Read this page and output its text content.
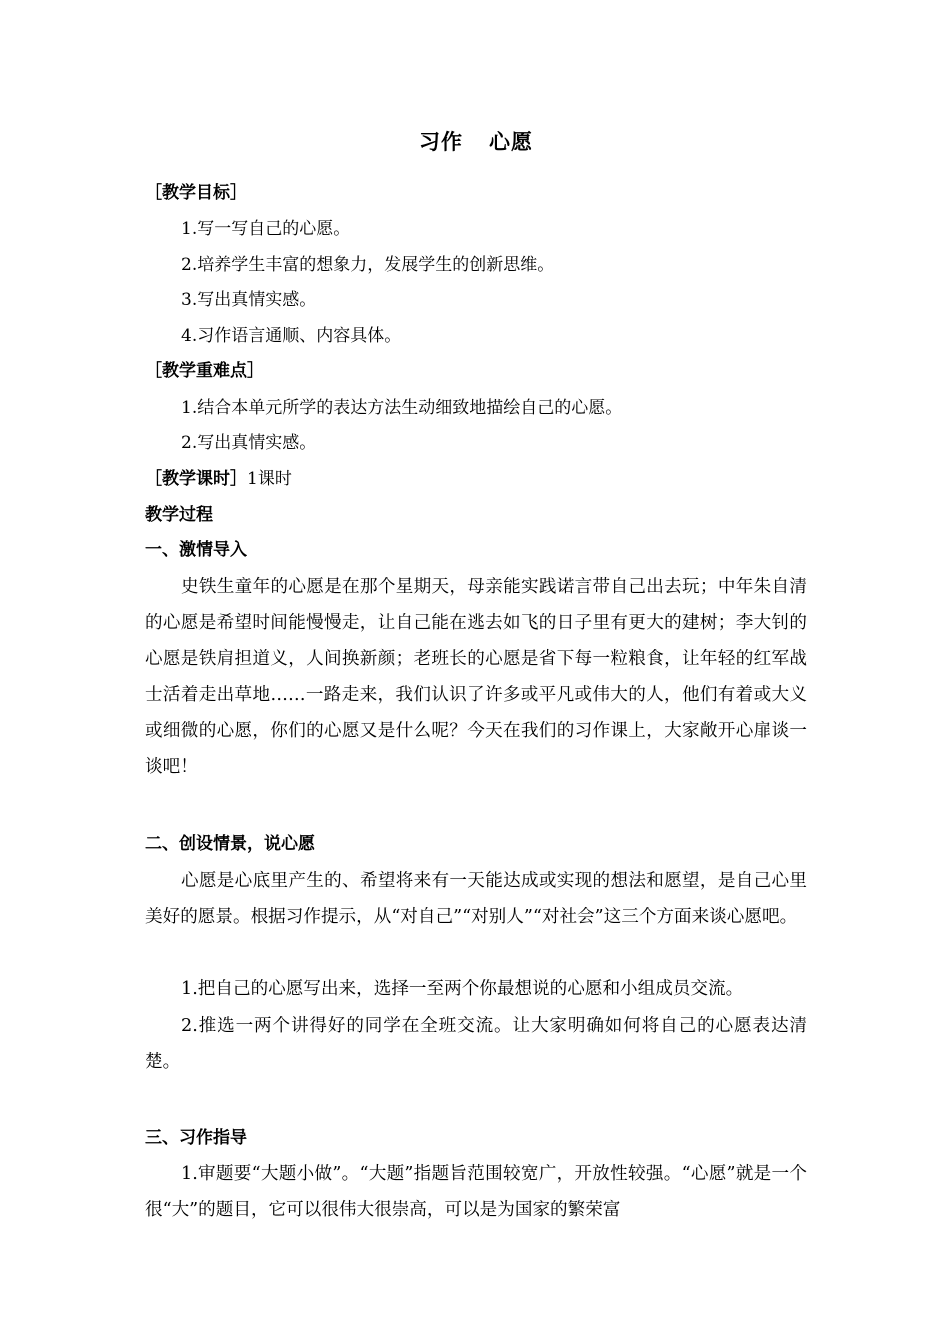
习作 心愿
［教学目标］
1.写一写自己的心愿。
2.培养学生丰富的想象力，发展学生的创新思维。
3.写出真情实感。
4.习作语言通顺、内容具体。
［教学重难点］
1.结合本单元所学的表达方法生动细致地描绘自己的心愿。
2.写出真情实感。
［教学课时］1课时
教学过程
一、激情导入
史铁生童年的心愿是在那个星期天，母亲能实践诺言带自己出去玩；中年朱自清的心愿是希望时间能慢慢走，让自己能在逃去如飞的日子里有更大的建树；李大钊的心愿是铁肩担道义，人间换新颜；老班长的心愿是省下每一粒粮食，让年轻的红军战士活着走出草地……一路走来，我们认识了许多或平凡或伟大的人，他们有着或大义或细微的心愿，你们的心愿又是什么呢？今天在我们的习作课上，大家敞开心扉谈一谈吧！
二、创设情景，说心愿
心愿是心底里产生的、希望将来有一天能达成或实现的想法和愿望，是自己心里美好的愿景。根据习作提示，从“对自己”“对别人”“对社会”这三个方面来谈心愿吧。
1.把自己的心愿写出来，选择一至两个你最想说的心愿和小组成员交流。
2.推选一两个讲得好的同学在全班交流。让大家明确如何将自己的心愿表达清楚。
三、习作指导
1.审题要“大题小做”。“大题”指题旨范围较宽广，开放性较强。“心愿”就是一个很“大”的题目，它可以很伟大很崇高，可以是为国家的繁荣富
